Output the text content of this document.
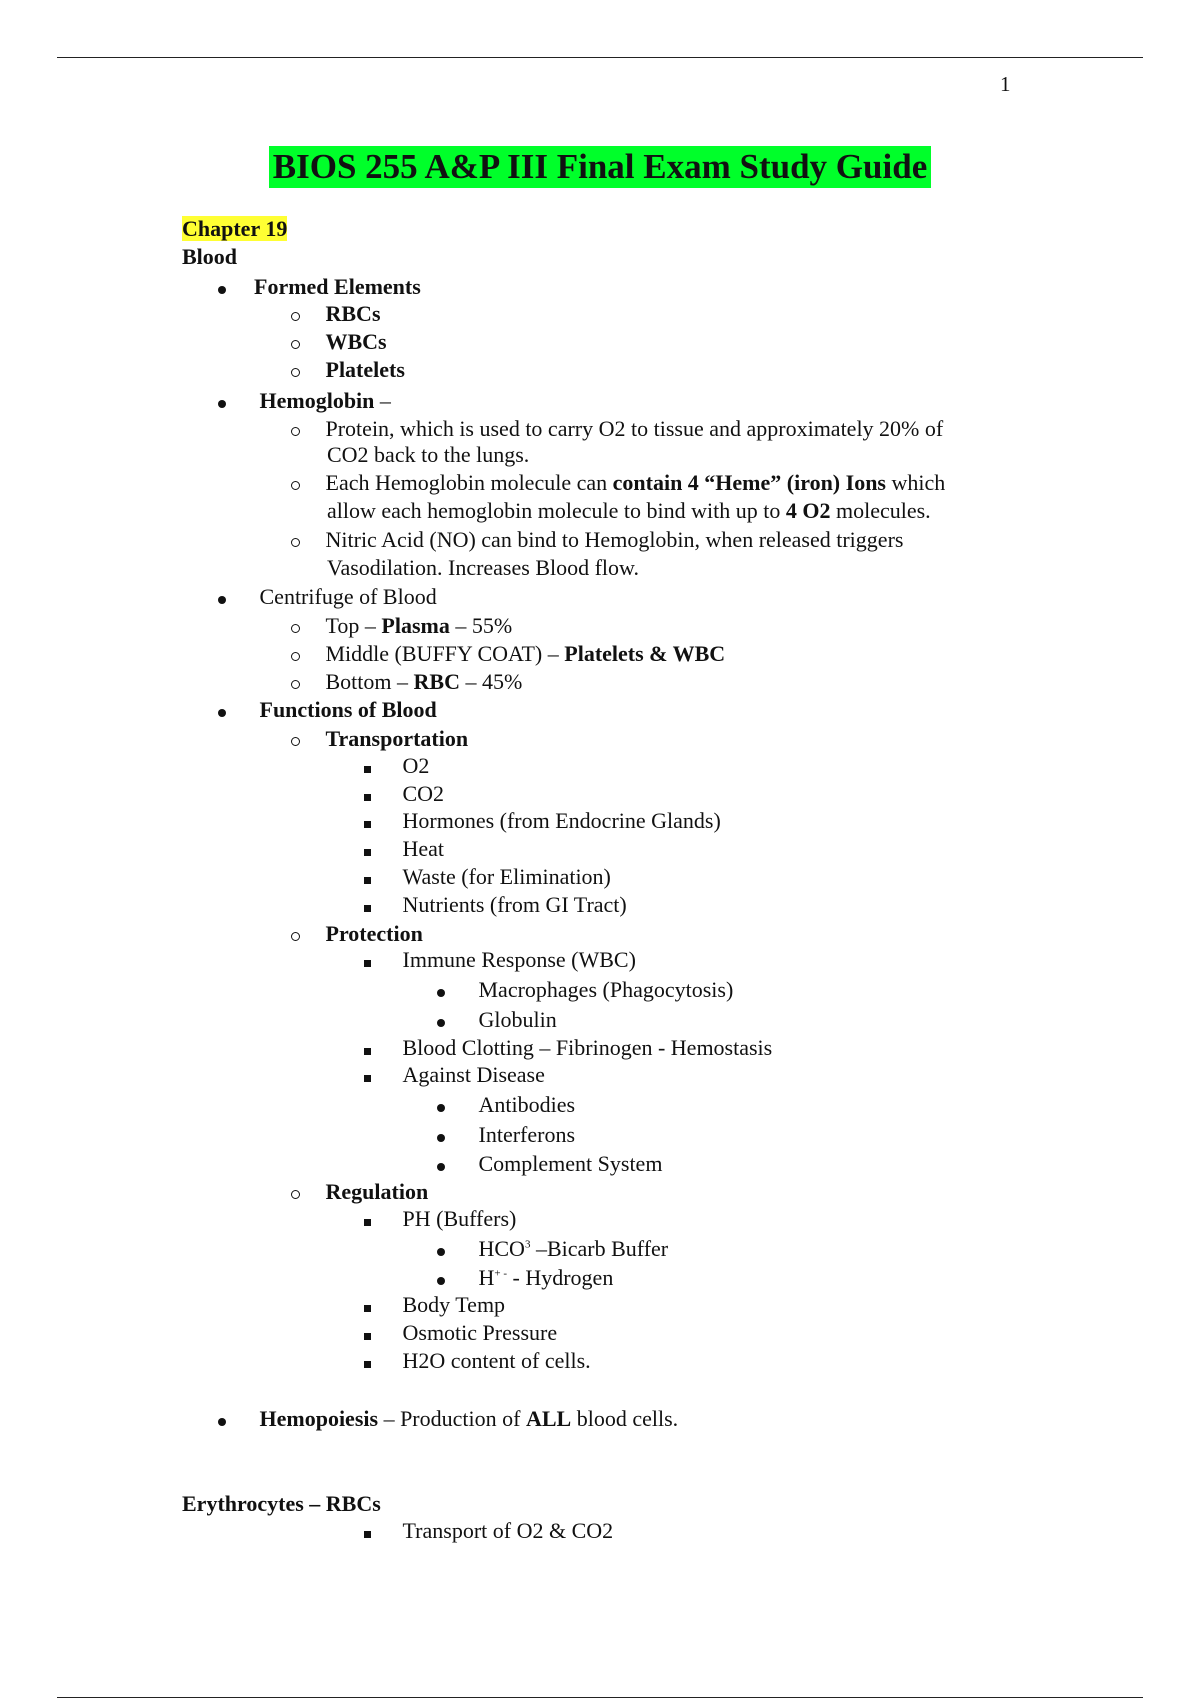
1
BIOS 255 A&P III Final Exam Study Guide
Chapter 19
Blood
Formed Elements
RBCs
WBCs
Platelets
Hemoglobin –
Protein, which is used to carry O2 to tissue and approximately 20% of
CO2 back to the lungs.
Each Hemoglobin molecule can contain 4 “Heme” (iron) Ions which
allow each hemoglobin molecule to bind with up to 4 O2 molecules.
Nitric Acid (NO) can bind to Hemoglobin, when released triggers
Vasodilation. Increases Blood flow.
Centrifuge of Blood
Top – Plasma – 55%
Middle (BUFFY COAT) – Platelets & WBC
Bottom – RBC – 45%
Functions of Blood
Transportation
O2
CO2
Hormones (from Endocrine Glands)
Heat
Waste (for Elimination)
Nutrients (from GI Tract)
Protection
Immune Response (WBC)
Macrophages (Phagocytosis)
Globulin
Blood Clotting – Fibrinogen - Hemostasis
Against Disease
Antibodies
Interferons
Complement System
Regulation
PH (Buffers)
HCO$^3$ –Bicarb Buffer
H+ - - Hydrogen
Body Temp
Osmotic Pressure
H2O content of cells.
Hemopoiesis – Production of ALL blood cells.
Erythrocytes – RBCs
Transport of O2 & CO2
